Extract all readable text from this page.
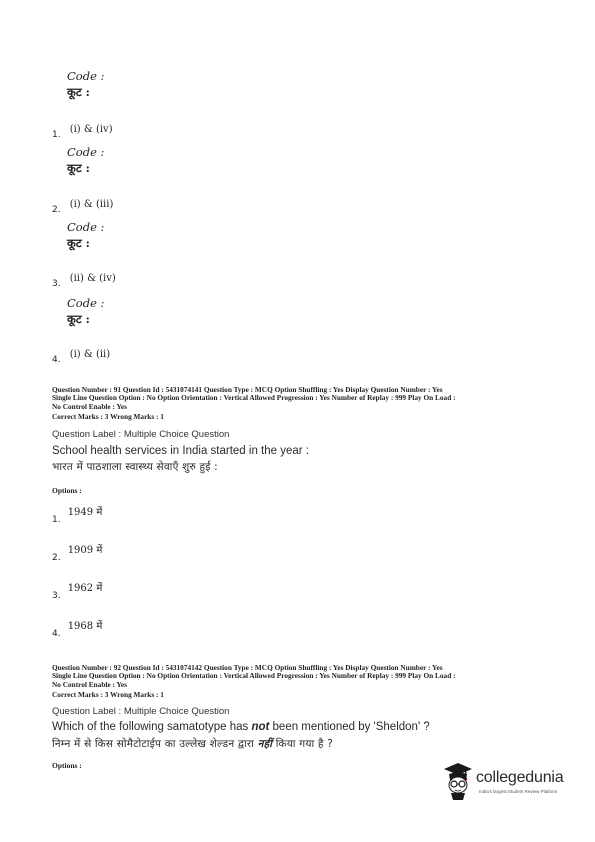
Code :
कूट :
$_{1.}$ (i) & (iv)
Code :
कूट :
$_{2.}$ (i) & (iii)
Code :
कूट :
$_{3.}$ (ii) & (iv)
Code :
कूट :
$_{4.}$ (i) & (ii)
Question Number : 91 Question Id : 5431074141 Question Type : MCQ Option Shuffling : Yes Display Question Number : Yes
Single Line Question Option : No Option Orientation : Vertical Allowed Progression : Yes Number of Replay : 999 Play On Load :
No Control Enable : Yes
Correct Marks : 3 Wrong Marks : 1
Question Label : Multiple Choice Question
School health services in India started in the year :
भारत में पाठशाला स्वास्थ्य सेवाएँ शुरु हुई :
Options :
$_{1.}$ 1949 में
$_{2.}$ 1909 में
$_{3.}$ 1962 में
$_{4.}$ 1968 में
Question Number : 92 Question Id : 5431074142 Question Type : MCQ Option Shuffling : Yes Display Question Number : Yes
Single Line Question Option : No Option Orientation : Vertical Allowed Progression : Yes Number of Replay : 999 Play On Load :
No Control Enable : Yes
Correct Marks : 3 Wrong Marks : 1
Question Label : Multiple Choice Question
Which of the following samatotype has not been mentioned by 'Sheldon' ?
निम्न में से किस सोमैटोटाईप का उल्लेख शेल्डन द्वारा नहीं किया गया है ?
Options :
collegedunia
India's largest Student Review Platform
